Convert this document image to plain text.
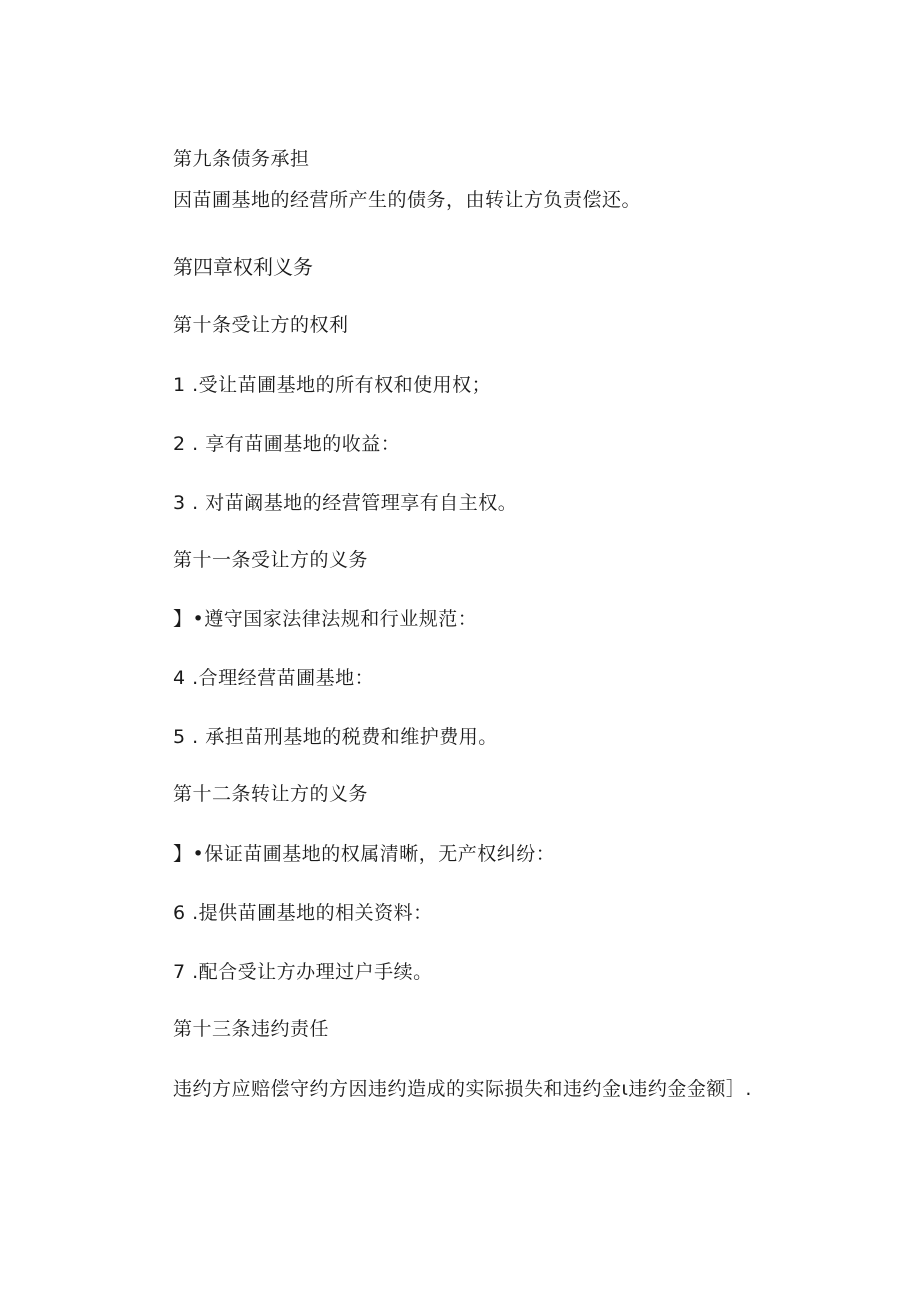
第九条债务承担
因苗圃基地的经营所产生的债务，由转让方负责偿还。
第四章权利义务
第十条受让方的权利
1 .受让苗圃基地的所有权和使用权；
2 . 享有苗圃基地的收益：
3 . 对苗阚基地的经营管理享有自主权。
第十一条受让方的义务
】•遵守国家法律法规和行业规范：
4 .合理经营苗圃基地：
5 . 承担苗刑基地的税费和维护费用。
第十二条转让方的义务
】•保证苗圃基地的权属清晰，无产权纠纷：
6 .提供苗圃基地的相关资料：
7 .配合受让方办理过户手续。
第十三条违约责任
违约方应赔偿守约方因违约造成的实际损失和违约金ι违约金金额］.
